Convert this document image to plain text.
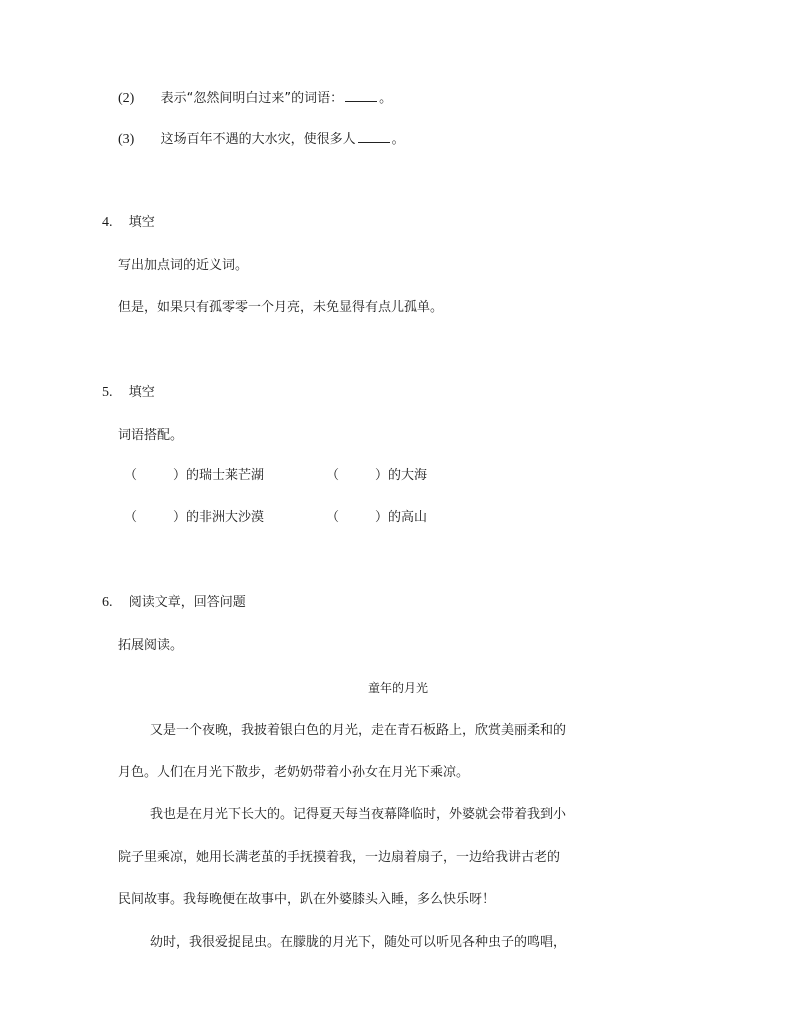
(2) 表示“忽然间明白过来”的词语：	。
(3) 这场百年不遇的大水灾，使很多人	。
4. 填空
写出加点词的近义词。
但是，如果只有孤零零一个月亮，未免显得有点儿孤单。
5. 填空
词语搭配。
（	）的瑞士莱芒湖	（	）的大海
（	）的非洲大沙漠	（	）的高山
6. 阅读文章，回答问题
拓展阅读。
童年的月光
又是一个夜晚，我披着银白色的月光，走在青石板路上，欣赏美丽柔和的
月色。人们在月光下散步，老奶奶带着小孙女在月光下乘凉。
我也是在月光下长大的。记得夏天每当夜幕降临时，外婆就会带着我到小
院子里乘凉，她用长满老茧的手抚摸着我，一边扇着扇子，一边给我讲古老的
民间故事。我每晚便在故事中，趴在外婆膝头入睡，多么快乐呀！
幼时，我很爱捉昆虫。在朦胧的月光下，随处可以听见各种虫子的鸣唱，
